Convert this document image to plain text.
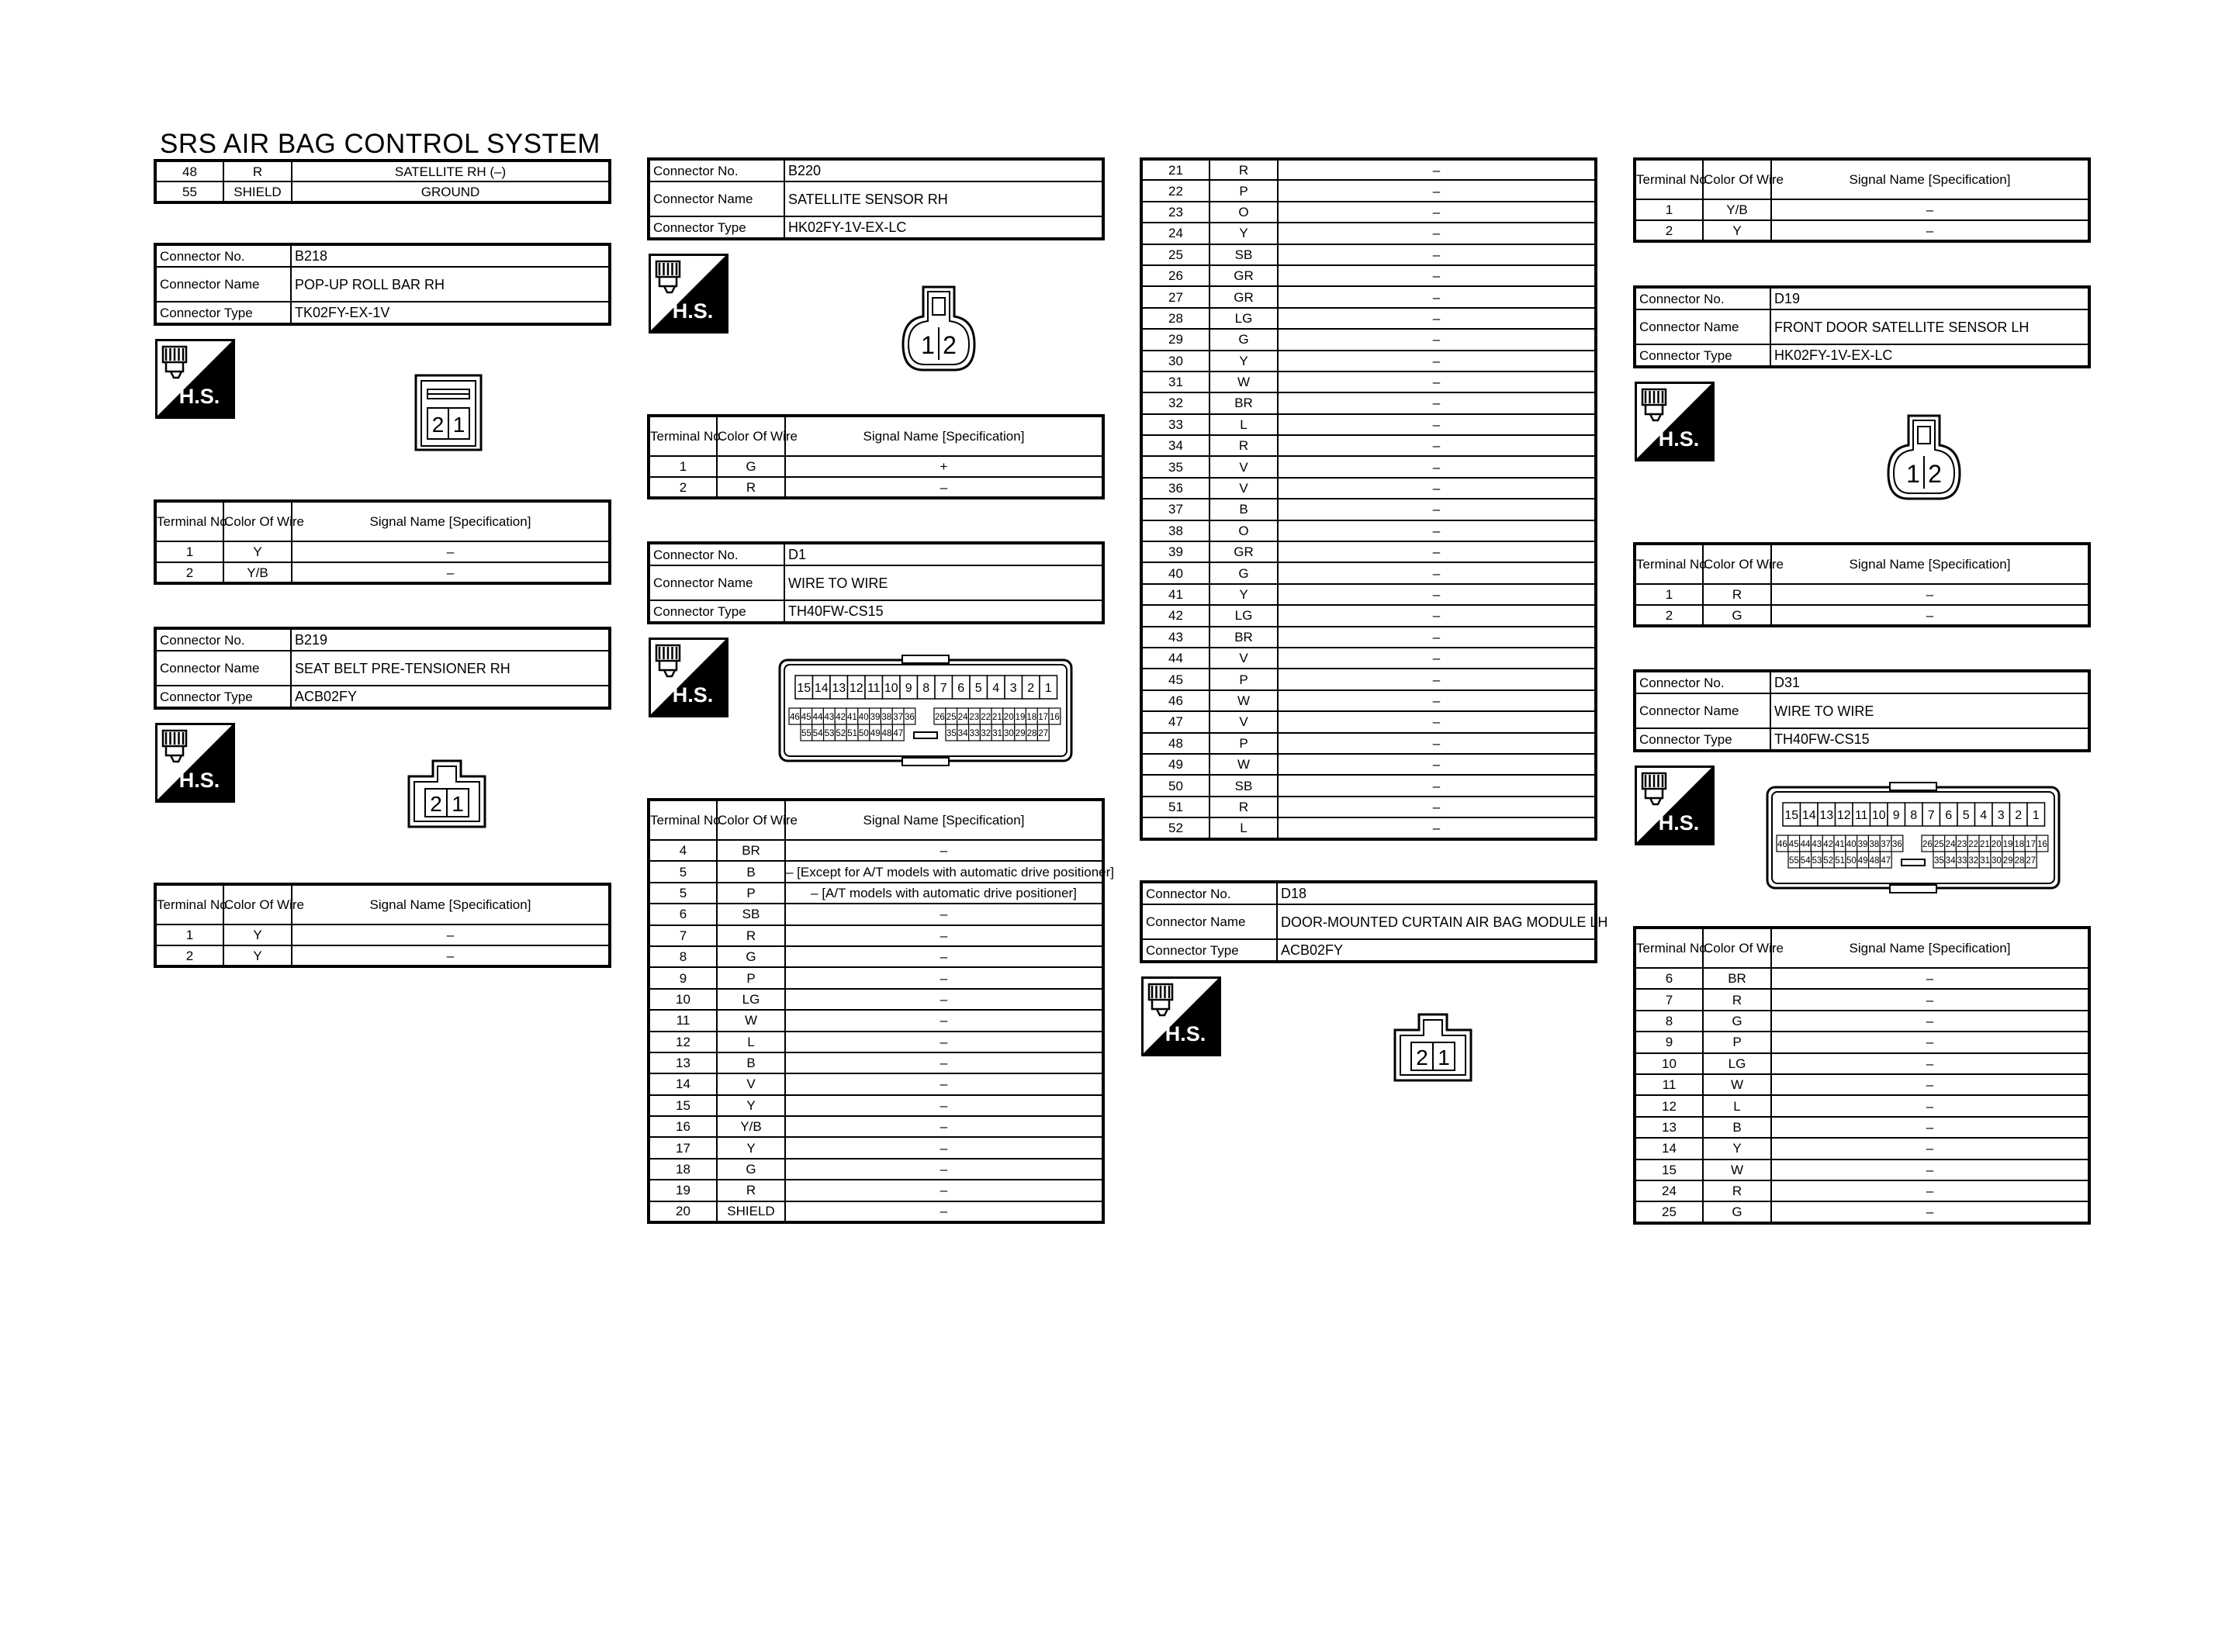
SRS AIR BAG CONTROL SYSTEM
48	R	SATELLITE RH (–)
55	SHIELD	GROUND
Connector No.	B218
Connector Name	POP-UP ROLL BAR RH
Connector Type	TK02FY-EX-1V
H.S.
2 1
Terminal No.	Color Of Wire	Signal Name [Specification]
1	Y	–
2	Y/B	–
Connector No.	B219
Connector Name	SEAT BELT PRE-TENSIONER RH
Connector Type	ACB02FY
H.S.
2 1
Terminal No.	Color Of Wire	Signal Name [Specification]
1	Y	–
2	Y	–
Connector No.	B220
Connector Name	SATELLITE SENSOR RH
Connector Type	HK02FY-1V-EX-LC
H.S.
1 2
Terminal No.	Color Of Wire	Signal Name [Specification]
1	G	+
2	R	–
Connector No.	D1
Connector Name	WIRE TO WIRE
Connector Type	TH40FW-CS15
H.S.	15 14 13 12 11 10 9 8 7 6 5 4 3 2 1
46 45 44 43 42 41 40 39 38 37 36 26 25 24 23 22 21 20 19 18 17 16
55 54 53 52 51 50 49 48 47	35 34 33 32 31 30 29 28 27
Terminal No.	Color Of Wire	Signal Name [Specification]
4	BR	–
5	B	– [Except for A/T models with automatic drive positioner]
5	P	– [A/T models with automatic drive positioner]
6	SB	–
7	R	–
8	G	–
9	P	–
10	LG	–
11	W	–
12	L	–
13	B	–
14	V	–
15	Y	–
16	Y/B	–
17	Y	–
18	G	–
19	R	–
20	SHIELD	–
21	R	–
22	P	–
23	O	–
24	Y	–
25	SB	–
26	GR	–
27	GR	–
28	LG	–
29	G	–
30	Y	–
31	W	–
32	BR	–
33	L	–
34	R	–
35	V	–
36	V	–
37	B	–
38	O	–
39	GR	–
40	G	–
41	Y	–
42	LG	–
43	BR	–
44	V	–
45	P	–
46	W	–
47	V	–
48	P	–
49	W	–
50	SB	–
51	R	–
52	L	–
Connector No.	D18
Connector Name	DOOR-MOUNTED CURTAIN AIR BAG MODULE LH
Connector Type	ACB02FY
H.S.
2 1
Terminal No.	Color Of Wire	Signal Name [Specification]
1	Y/B	–
2	Y	–
Connector No.	D19
Connector Name	FRONT DOOR SATELLITE SENSOR LH
Connector Type	HK02FY-1V-EX-LC
H.S.
1 2
Terminal No.	Color Of Wire	Signal Name [Specification]
1	R	–
2	G	–
Connector No.	D31
Connector Name	WIRE TO WIRE
Connector Type	TH40FW-CS15
H.S.	15 14 13 12 11 10 9 8 7 6 5 4 3 2 1
46 45 44 43 42 41 40 39 38 37 36 26 25 24 23 22 21 20 19 18 17 16
55 54 53 52 51 50 49 48 47	35 34 33 32 31 30 29 28 27
Terminal No.	Color Of Wire	Signal Name [Specification]
6	BR	–
7	R	–
8	G	–
9	P	–
10	LG	–
11	W	–
12	L	–
13	B	–
14	Y	–
15	W	–
24	R	–
25	G	–
